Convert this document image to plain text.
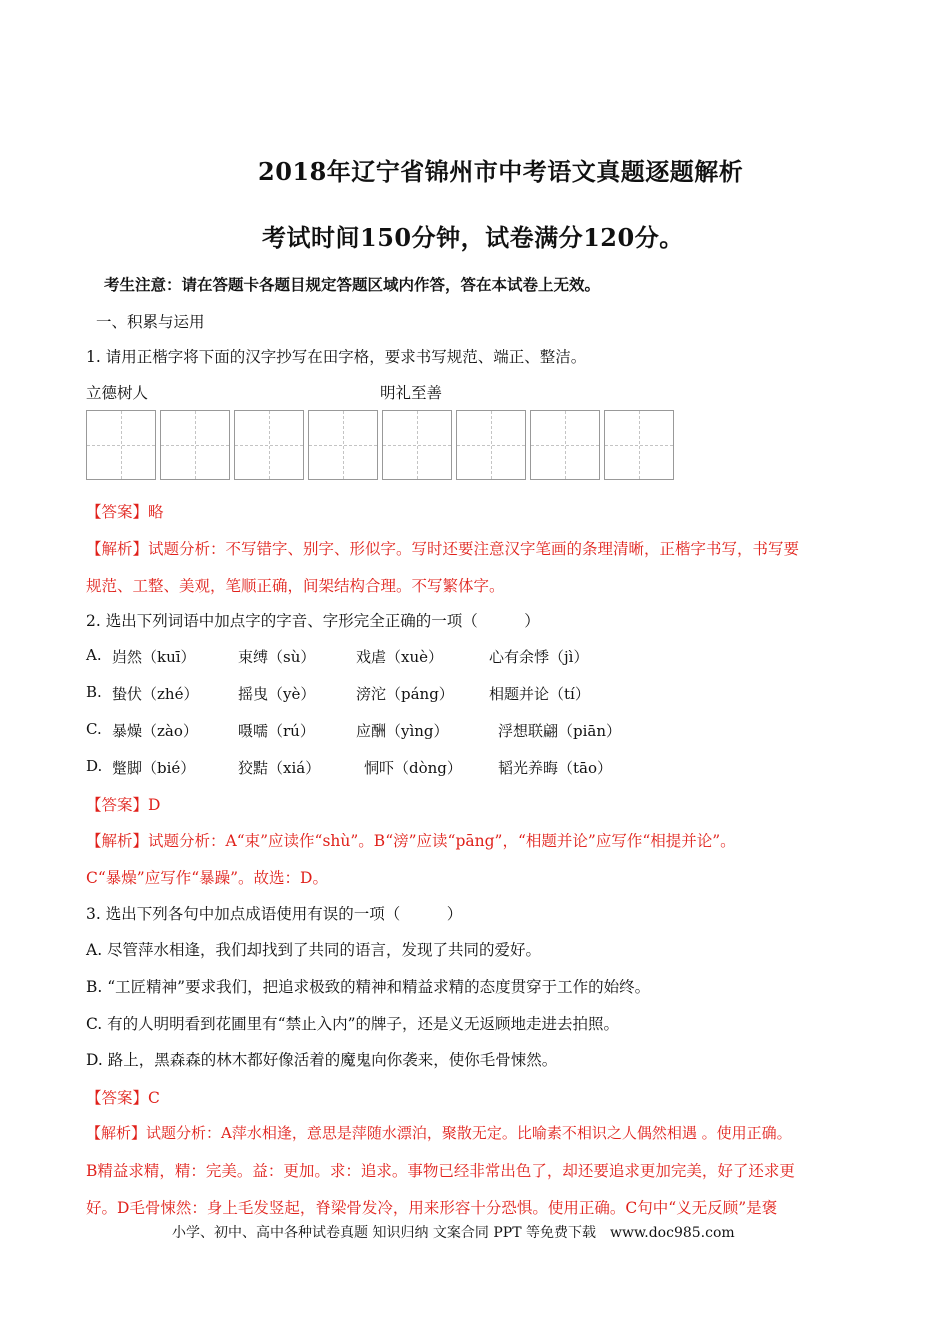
2018年辽宁省锦州市中考语文真题逐题解析
考试时间150分钟，试卷满分120分。
考生注意：请在答题卡各题目规定答题区域内作答，答在本试卷上无效。
一、积累与运用
1. 请用正楷字将下面的汉字抄写在田字格，要求书写规范、端正、整洁。
立德树人	明礼至善
【答案】略
【解析】试题分析：不写错字、别字、形似字。写时还要注意汉字笔画的条理清晰，正楷字书写，书写要
规范、工整、美观，笔顺正确，间架结构合理。不写繁体字。
2. 选出下列词语中加点字的字音、字形完全正确的一项（　　　）
A. 岿然（kuī）	束缚（sù）	戏虐（xuè）	心有余悸（jì）
B. 蛰伏（zhé）	摇曳（yè）	滂沱（páng） 相题并论（tí）
C. 暴燥（zào）	嗫嚅（rú）	应酬（yìng）	浮想联翩（piān）
D. 蹩脚（bié）	狡黠（xiá）	恫吓（dòng） 韬光养晦（tāo）
【答案】D
【解析】试题分析：A“束”应读作“shù”。B“滂”应读“pāng”，“相题并论”应写作“相提并论”。
C“暴燥”应写作“暴躁”。故选：D。
3. 选出下列各句中加点成语使用有误的一项（　　　）
A. 尽管萍水相逢，我们却找到了共同的语言，发现了共同的爱好。
B. “工匠精神”要求我们，把追求极致的精神和精益求精的态度贯穿于工作的始终。
C. 有的人明明看到花圃里有“禁止入内”的牌子，还是义无返顾地走进去拍照。
D. 路上，黑森森的林木都好像活着的魔鬼向你袭来，使你毛骨悚然。
【答案】C
【解析】试题分析：A萍水相逢，意思是萍随水漂泊，聚散无定。比喻素不相识之人偶然相遇 。使用正确。
B精益求精，精：完美。益：更加。求：追求。事物已经非常出色了，却还要追求更加完美，好了还求更
好。D毛骨悚然：身上毛发竖起，脊梁骨发冷，用来形容十分恐惧。使用正确。C句中“义无反顾”是褒
小学、初中、高中各种试卷真题 知识归纳 文案合同 PPT 等免费下载　www.doc985.com
